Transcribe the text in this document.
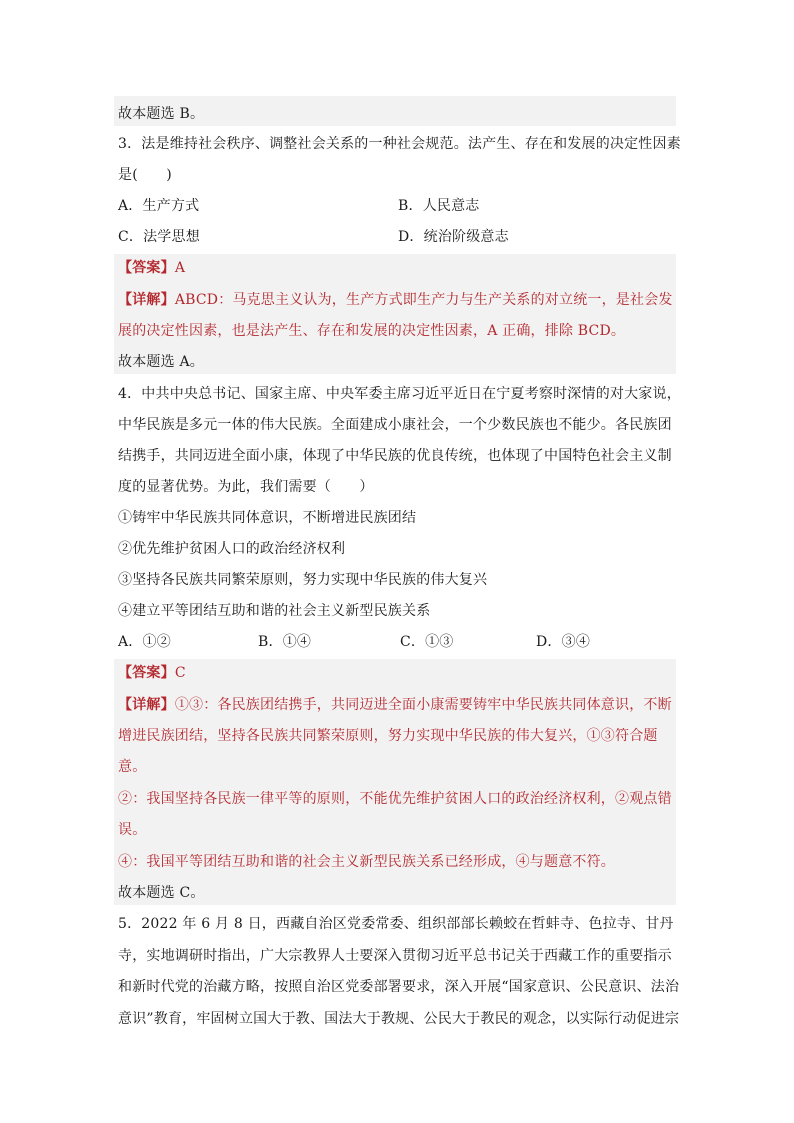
故本题选 B。
3．法是维持社会秩序、调整社会关系的一种社会规范。法产生、存在和发展的决定性因素
是(　　)
A．生产方式	B．人民意志
C．法学思想	D．统治阶级意志
【答案】A
【详解】ABCD：马克思主义认为，生产方式即生产力与生产关系的对立统一，是社会发
展的决定性因素，也是法产生、存在和发展的决定性因素，A 正确，排除 BCD。
故本题选 A。
4．中共中央总书记、国家主席、中央军委主席习近平近日在宁夏考察时深情的对大家说，
中华民族是多元一体的伟大民族。全面建成小康社会，一个少数民族也不能少。各民族团
结携手，共同迈进全面小康，体现了中华民族的优良传统，也体现了中国特色社会主义制
度的显著优势。为此，我们需要（　　）
①铸牢中华民族共同体意识，不断增进民族团结
②优先维护贫困人口的政治经济权利
③坚持各民族共同繁荣原则，努力实现中华民族的伟大复兴
④建立平等团结互助和谐的社会主义新型民族关系
A．①②	B．①④	C．①③	D．③④
【答案】C
【详解】①③：各民族团结携手，共同迈进全面小康需要铸牢中华民族共同体意识，不断
增进民族团结，坚持各民族共同繁荣原则，努力实现中华民族的伟大复兴，①③符合题
意。
②：我国坚持各民族一律平等的原则，不能优先维护贫困人口的政治经济权利，②观点错
误。
④：我国平等团结互助和谐的社会主义新型民族关系已经形成，④与题意不符。
故本题选 C。
5．2022 年 6 月 8 日，西藏自治区党委常委、组织部部长赖蛟在哲蚌寺、色拉寺、甘丹
寺，实地调研时指出，广大宗教界人士要深入贯彻习近平总书记关于西藏工作的重要指示
和新时代党的治藏方略，按照自治区党委部署要求，深入开展“国家意识、公民意识、法治
意识”教育，牢固树立国大于教、国法大于教规、公民大于教民的观念，以实际行动促进宗
